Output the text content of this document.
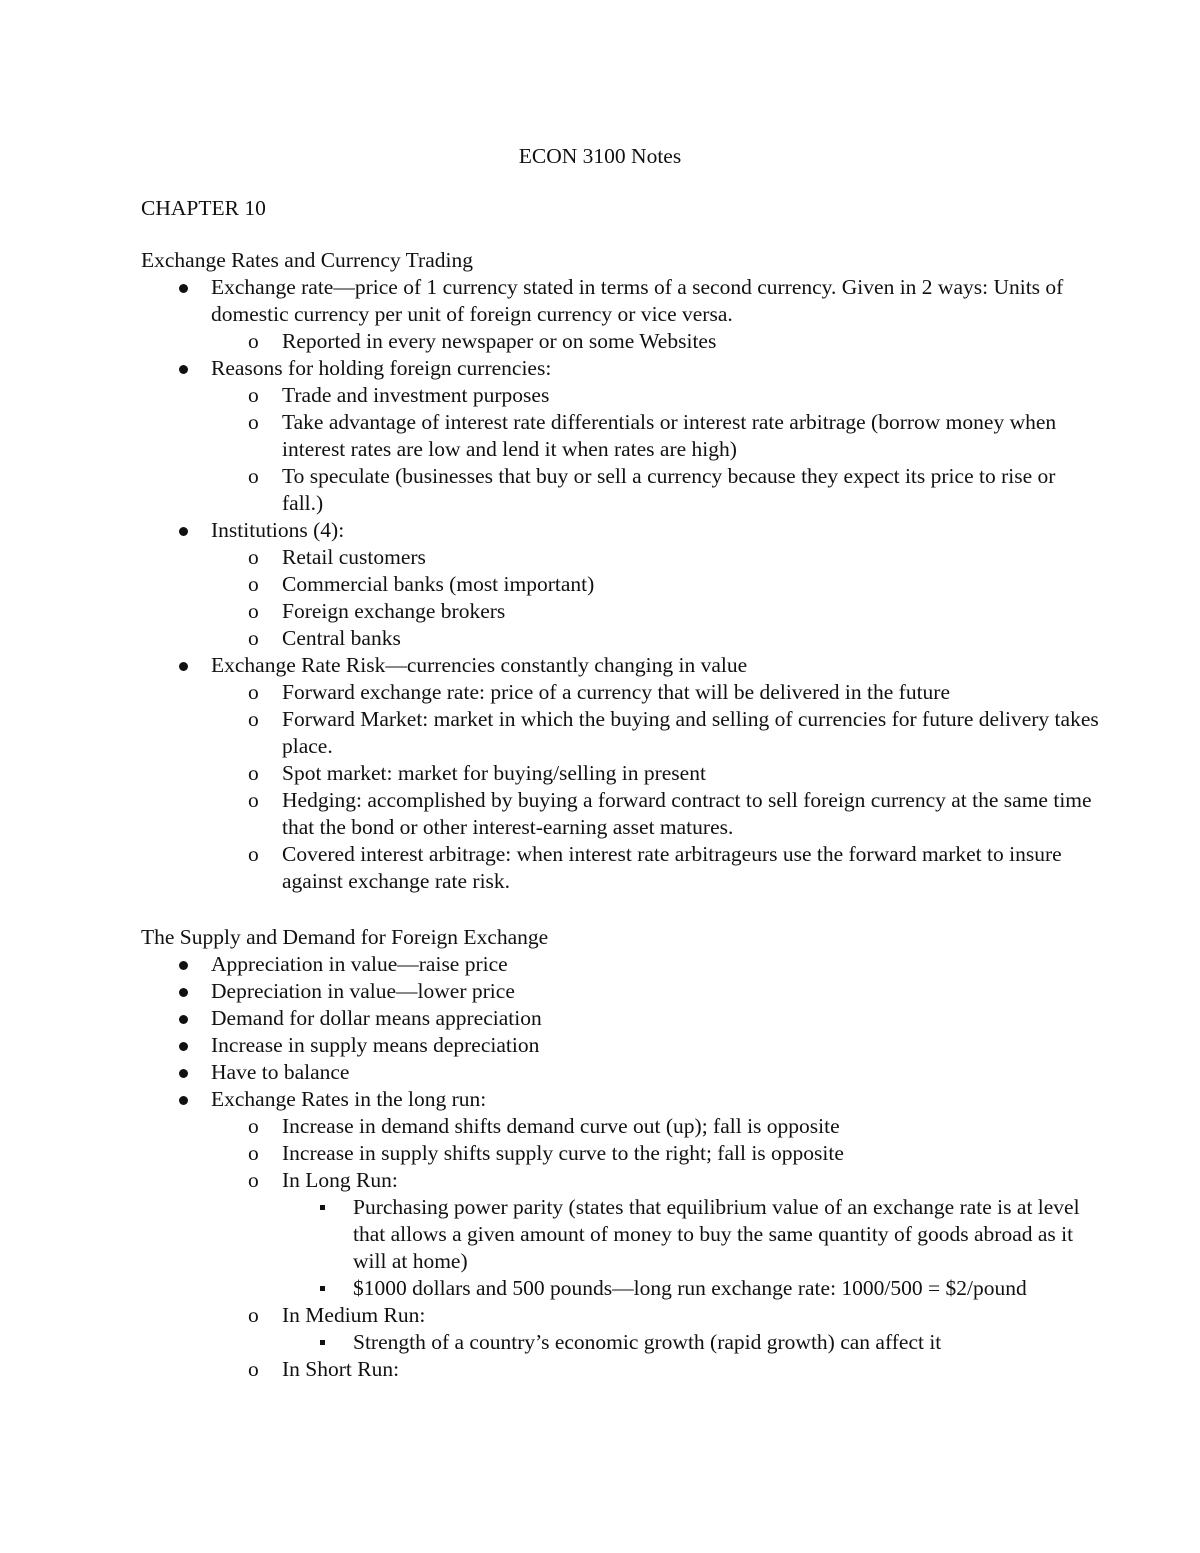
ECON 3100 Notes
CHAPTER 10
Exchange Rates and Currency Trading
Exchange rate—price of 1 currency stated in terms of a second currency. Given in 2 ways: Units of domestic currency per unit of foreign currency or vice versa.
o Reported in every newspaper or on some Websites
Reasons for holding foreign currencies:
o Trade and investment purposes
o Take advantage of interest rate differentials or interest rate arbitrage (borrow money when interest rates are low and lend it when rates are high)
o To speculate (businesses that buy or sell a currency because they expect its price to rise or fall.)
Institutions (4):
o Retail customers
o Commercial banks (most important)
o Foreign exchange brokers
o Central banks
Exchange Rate Risk—currencies constantly changing in value
o Forward exchange rate: price of a currency that will be delivered in the future
o Forward Market: market in which the buying and selling of currencies for future delivery takes place.
o Spot market: market for buying/selling in present
o Hedging: accomplished by buying a forward contract to sell foreign currency at the same time that the bond or other interest-earning asset matures.
o Covered interest arbitrage: when interest rate arbitrageurs use the forward market to insure against exchange rate risk.
The Supply and Demand for Foreign Exchange
Appreciation in value—raise price
Depreciation in value—lower price
Demand for dollar means appreciation
Increase in supply means depreciation
Have to balance
Exchange Rates in the long run:
o Increase in demand shifts demand curve out (up); fall is opposite
o Increase in supply shifts supply curve to the right; fall is opposite
o In Long Run:
Purchasing power parity (states that equilibrium value of an exchange rate is at level that allows a given amount of money to buy the same quantity of goods abroad as it will at home)
$1000 dollars and 500 pounds—long run exchange rate: 1000/500 = $2/pound
o In Medium Run:
Strength of a country’s economic growth (rapid growth) can affect it
o In Short Run:
